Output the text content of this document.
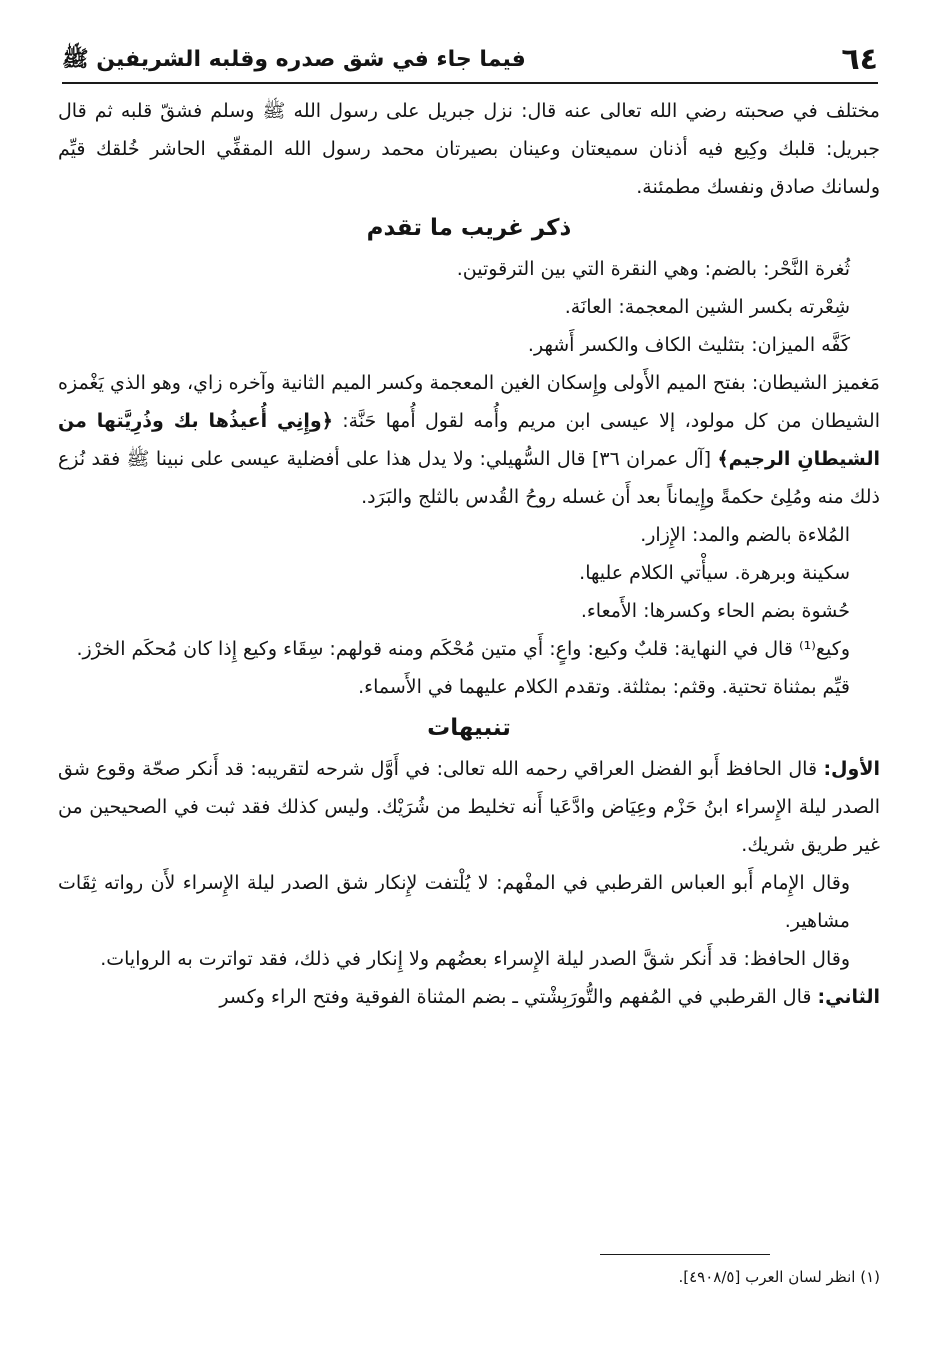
٦٤
فيما جاء في شق صدره وقلبه الشريفين ﷺ

مختلف في صحبته رضي الله تعالى عنه قال: نزل جبريل على رسول الله ﷺ وسلم فشقّ قلبه ثم قال جبريل: قلبك وكِيع فيه أذنان سميعتان وعينان بصيرتان محمد رسول الله المقفِّي الحاشر خُلقك قيِّم ولسانك صادق ونفسك مطمئنة.

ذكر غريب ما تقدم

ثُغرة النَّحْر: بالضم: وهي النقرة التي بين الترقوتين.

شِعْرته بكسر الشين المعجمة: العانَة.

كَفَّه الميزان: بتثليث الكاف والكسر أَشهر.

مَغميز الشيطان: بفتح الميم الأَولى وإِسكان الغين المعجمة وكسر الميم الثانية وآخره زاي، وهو الذي يَغْمزه الشيطان من كل مولود، إلا عيسى ابن مريم وأُمه لقول أُمها حَنَّة: ﴿وإِنِي أُعيذُها بك وذُرِيَّتها من الشيطانِ الرجيم﴾ [آل عمران ٣٦] قال السُّهيلي: ولا يدل هذا على أفضلية عيسى على نبينا ﷺ فقد نُزع ذلك منه ومُلِئ حكمةً وإِيماناً بعد أَن غسله روحُ القُدس بالثلج والبَرَد.

المُلاءة بالضم والمد: الإِزار.

سكينة وبرهرة. سيأْتي الكلام عليها.

حُشوة بضم الحاء وكسرها: الأَمعاء.

وكيع⁽¹⁾ قال في النهاية: قلبٌ وكيع: واعٍ: أَي متين مُحْكَم ومنه قولهم: سِقَاء وكيع إِذا كان مُحكَم الخرْز.

قيِّم بمثناة تحتية. وقثم: بمثلثة. وتقدم الكلام عليهما في الأَسماء.

تنبيهات

الأول: قال الحافظ أَبو الفضل العراقي رحمه الله تعالى: في أَوَّل شرحه لتقريبه: قد أَنكر صحّة وقوع شق الصدر ليلة الإِسراء ابنُ حَزْم وعِيَاض وادَّعَيا أَنه تخليط من شُرَيْك. وليس كذلك فقد ثبت في الصحيحين من غير طريق شريك.

وقال الإِمام أَبو العباس القرطبي في المفْهم: لا يُلْتفت لإِنكار شق الصدر ليلة الإِسراء لأَن رواته ثِقَات مشاهير.

وقال الحافظ: قد أَنكر شقَّ الصدر ليلة الإِسراء بعضُهم ولا إِنكار في ذلك، فقد تواترت به الروايات.

الثاني: قال القرطبي في المُفهم والتُّورَبِشْتي ـ بضم المثناة الفوقية وفتح الراء وكسر

(١) انظر لسان العرب [٤٩٠٨/٥].
